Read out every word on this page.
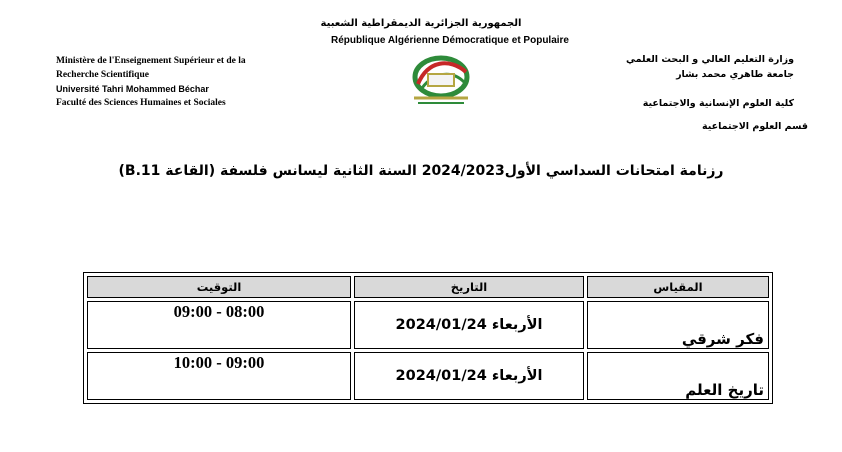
الجمهورية الجزائرية الديمقراطية الشعبية
République Algérienne Démocratique et Populaire
Ministère de l'Enseignement Supérieur et de la
Recherche Scientifique
Université Tahri Mohammed Béchar
Faculté des Sciences Humaines et Sociales
وزارة التعليم العالي و البحث العلمي
جامعة طاهري محمد بشار
كلية العلوم الإنسانية والاجتماعية
قسم العلوم الاجتماعية
رزنامة امتحانات السداسي الأول2024/2023 السنة الثانية ليسانس فلسفة (القاعة B.11)
المقياس	التاريخ	التوقيت
فكر شرقي	الأربعاء 2024/01/24	09:00 - 08:00
تاريخ العلم	الأربعاء 2024/01/24	10:00 - 09:00
